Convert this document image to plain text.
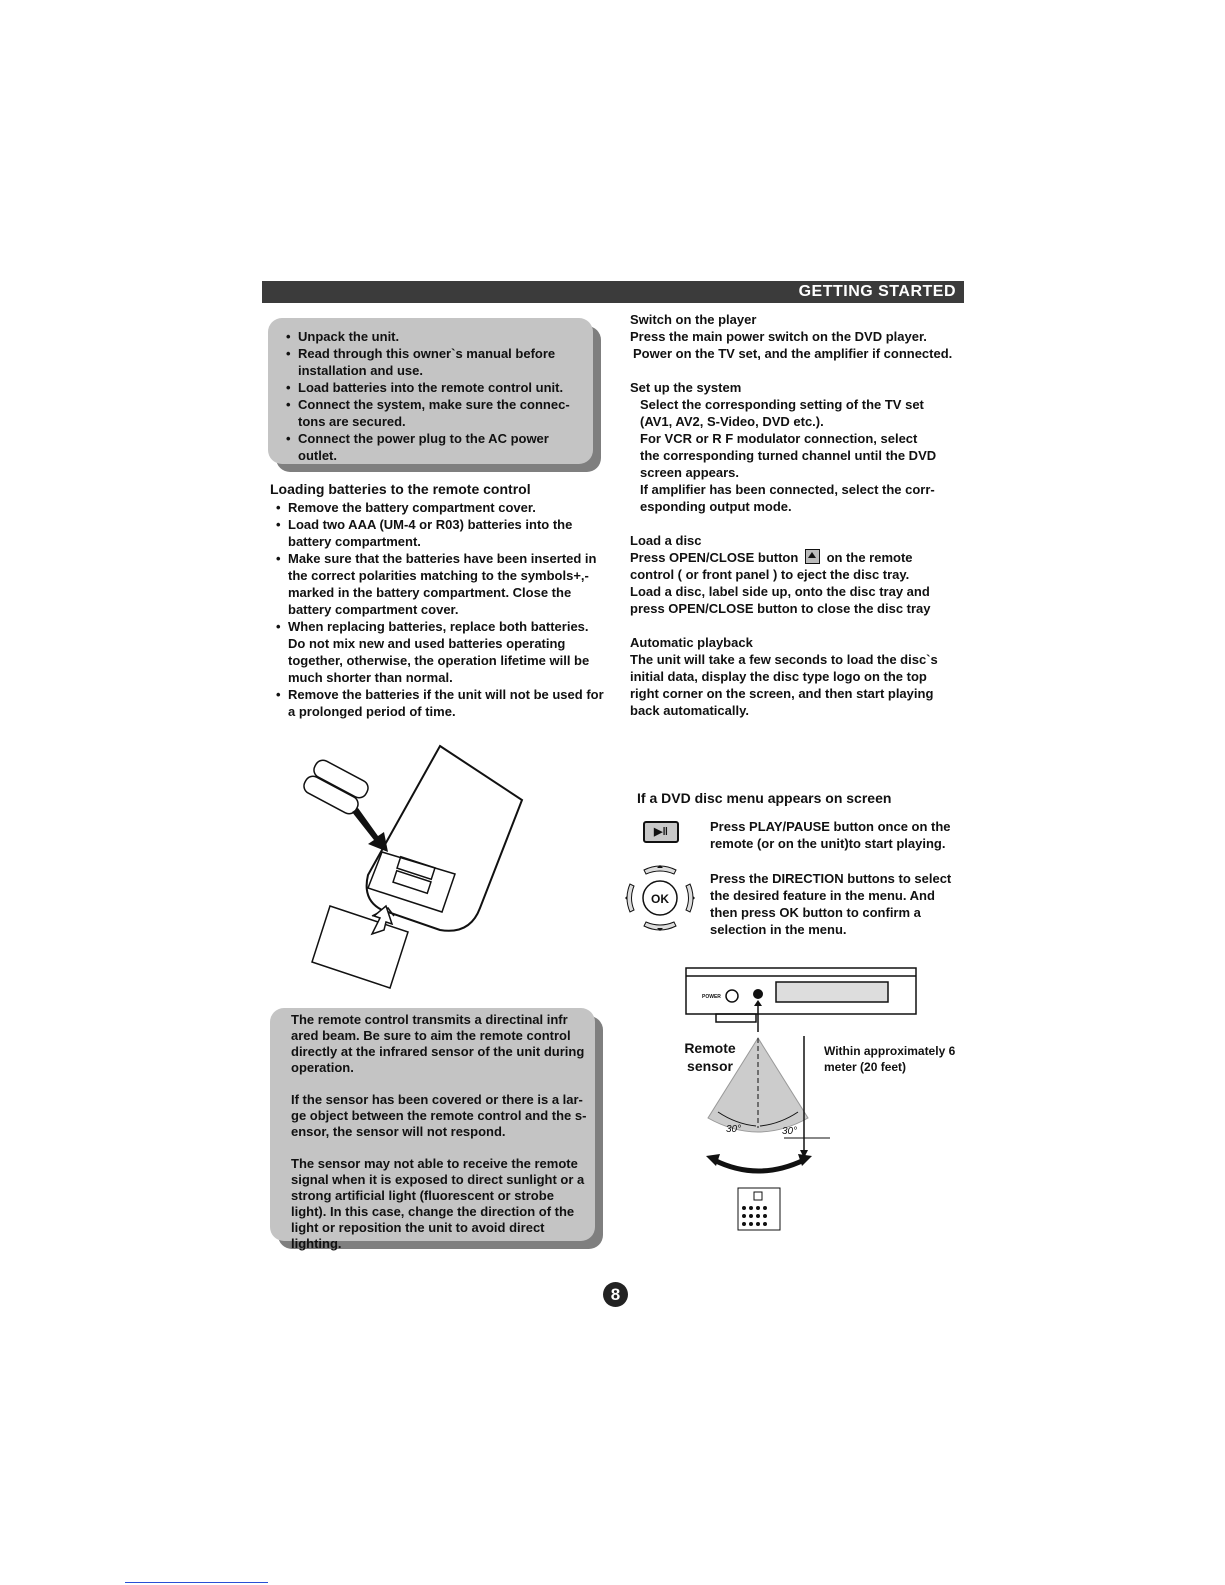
GETTING STARTED
• Unpack the unit.
• Read through this owner`s manual before installation and use.
• Load batteries into the remote control unit.
• Connect the system, make sure the connec-tons are secured.
• Connect the power plug to the AC power outlet.
Loading batteries to the remote control
• Remove the battery compartment cover.
• Load two AAA (UM-4 or R03) batteries into the battery compartment.
• Make sure that the batteries have been inserted in the correct polarities matching to the symbols+,- marked in the battery compartment. Close the battery compartment cover.
• When replacing batteries, replace both batteries. Do not mix new and used batteries operating together, otherwise, the operation lifetime will be much shorter than normal.
• Remove the batteries if the unit will not be used for a prolonged period of time.

The remote control transmits a directinal infr ared beam. Be sure to aim the remote control directly at the infrared sensor of the unit during operation.

If the sensor has been covered or there is a lar-ge object between the remote control and the s-ensor, the sensor will not respond.

The sensor may not able to receive the remote signal when it is exposed to direct sunlight or a strong artificial light (fluorescent or strobe light). In this case, change the direction of the light or reposition the unit to avoid direct lighting.

Switch on the player
Press the main power switch on the DVD player.
Power on the TV set, and the amplifier if connected.
Set up the system
Select the corresponding setting of the TV set (AV1, AV2, S-Video, DVD etc.).
For VCR or R F modulator connection, select the corresponding turned channel until the DVD screen appears.
If amplifier has been connected, select the corr-esponding output mode.
Load a disc
Press OPEN/CLOSE button on the remote control ( or front panel ) to eject the disc tray. Load a disc, label side up, onto the disc tray and press OPEN/CLOSE button to close the disc tray
Automatic playback
The unit will take a few seconds to load the disc`s initial data, display the disc type logo on the top right corner on the screen, and then start playing back automatically.
If a DVD disc menu appears on screen
▶‖	Press PLAY/PAUSE button once on the remote (or on the unit)to start playing.
OK
Press the DIRECTION buttons to select the desired feature in the menu. And then press OK button to confirm a selection in the menu.
POWER
30°	30°
Remote sensor
Within approximately 6 meter (20 feet)
8
